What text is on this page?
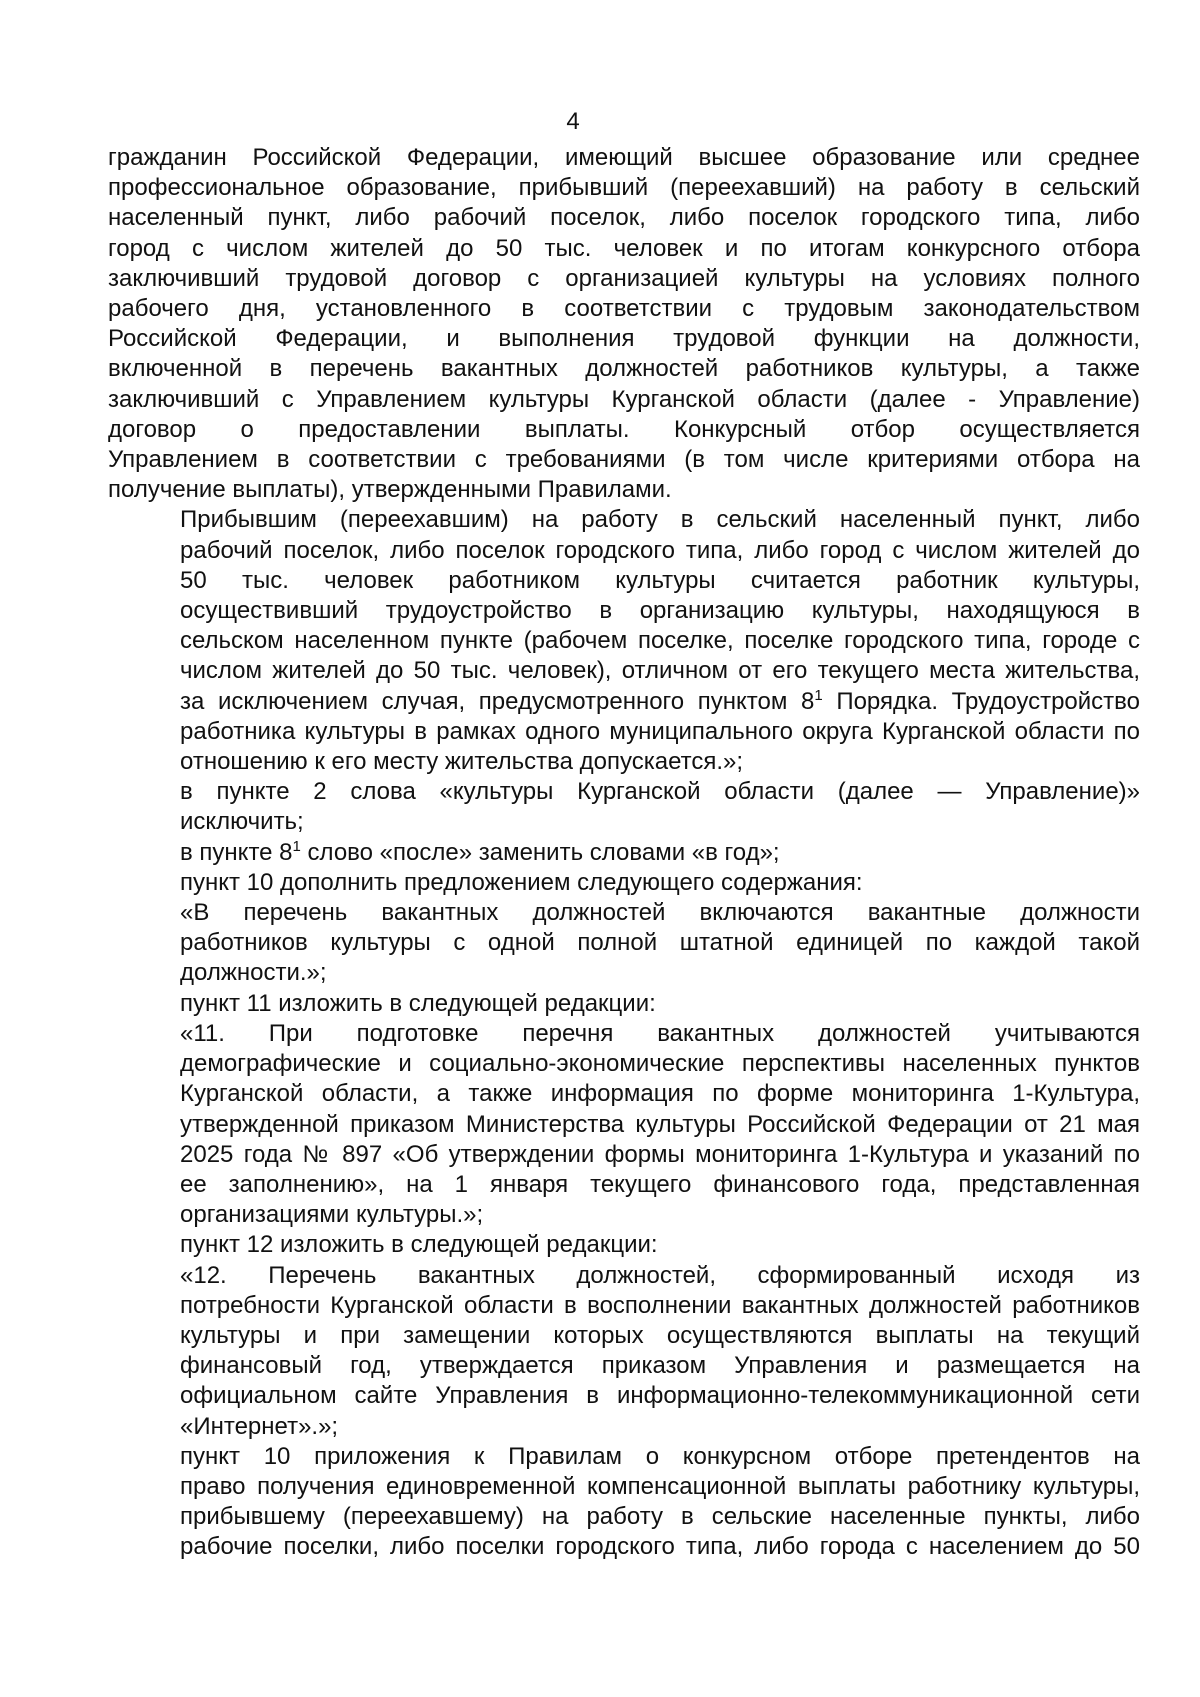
4
гражданин Российской Федерации, имеющий высшее образование или среднее
профессиональное образование, прибывший (переехавший) на работу в сельский
населенный пункт, либо рабочий поселок, либо поселок городского типа, либо
город с числом жителей до 50 тыс. человек и по итогам конкурсного отбора
заключивший трудовой договор с организацией культуры на условиях полного
рабочего дня, установленного в соответствии с трудовым законодательством
Российской Федерации, и выполнения трудовой функции на должности,
включенной в перечень вакантных должностей работников культуры, а также
заключивший с Управлением культуры Курганской области (далее - Управление)
договор о предоставлении выплаты. Конкурсный отбор осуществляется
Управлением в соответствии с требованиями (в том числе критериями отбора на
получение выплаты), утвержденными Правилами.
Прибывшим (переехавшим) на работу в сельский населенный пункт, либо
рабочий поселок, либо поселок городского типа, либо город с числом жителей до
50 тыс. человек работником культуры считается работник культуры,
осуществивший трудоустройство в организацию культуры, находящуюся в
сельском населенном пункте (рабочем поселке, поселке городского типа, городе с
числом жителей до 50 тыс. человек), отличном от его текущего места жительства,
за исключением случая, предусмотренного пунктом $8^1$ Порядка. Трудоустройство
работника культуры в рамках одного муниципального округа Курганской области по
отношению к его месту жительства допускается.»;
в пункте 2 слова «культуры Курганской области (далее — Управление)»
исключить;
в пункте $8^1$ слово «после» заменить словами «в год»;
пункт 10 дополнить предложением следующего содержания:
«В перечень вакантных должностей включаются вакантные должности
работников культуры с одной полной штатной единицей по каждой такой
должности.»;
пункт 11 изложить в следующей редакции:
«11. При подготовке перечня вакантных должностей учитываются
демографические и социально-экономические перспективы населенных пунктов
Курганской области, а также информация по форме мониторинга 1-Культура,
утвержденной приказом Министерства культуры Российской Федерации от 21 мая
2025 года № 897 «Об утверждении формы мониторинга 1-Культура и указаний по
ее заполнению», на 1 января текущего финансового года, представленная
организациями культуры.»;
пункт 12 изложить в следующей редакции:
«12. Перечень вакантных должностей, сформированный исходя из
потребности Курганской области в восполнении вакантных должностей работников
культуры и при замещении которых осуществляются выплаты на текущий
финансовый год, утверждается приказом Управления и размещается на
официальном сайте Управления в информационно-телекоммуникационной сети
«Интернет».»;
пункт 10 приложения к Правилам о конкурсном отборе претендентов на
право получения единовременной компенсационной выплаты работнику культуры,
прибывшему (переехавшему) на работу в сельские населенные пункты, либо
рабочие поселки, либо поселки городского типа, либо города с населением до 50
